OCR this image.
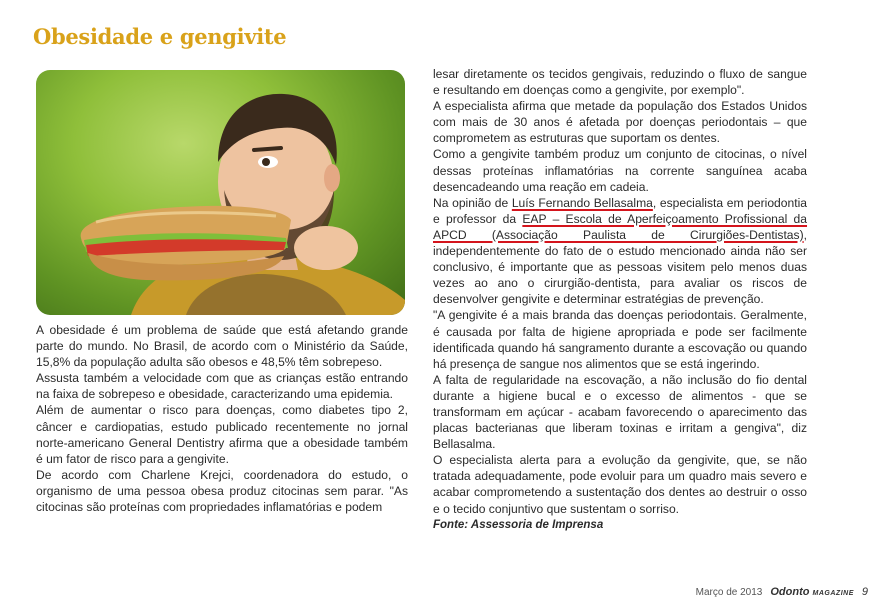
Obesidade e gengivite

A obesidade é um problema de saúde que está afetando grande parte do mundo. No Brasil, de acordo com o Ministério da Saúde, 15,8% da população adulta são obesos e 48,5% têm sobrepeso.

Assusta também a velocidade com que as crianças estão entrando na faixa de sobrepeso e obesidade, caracterizando uma epidemia.

Além de aumentar o risco para doenças, como diabetes tipo 2, câncer e cardiopatias, estudo publicado recentemente no jornal norte-americano General Dentistry afirma que a obesidade também é um fator de risco para a gengivite.

De acordo com Charlene Krejci, coordenadora do estudo, o organismo de uma pessoa obesa produz citocinas sem parar. "As citocinas são proteínas com propriedades inflamatórias e podem

lesar diretamente os tecidos gengivais, reduzindo o fluxo de sangue e resultando em doenças como a gengivite, por exemplo".

A especialista afirma que metade da população dos Estados Unidos com mais de 30 anos é afetada por doenças periodontais – que comprometem as estruturas que suportam os dentes.

Como a gengivite também produz um conjunto de citocinas, o nível dessas proteínas inflamatórias na corrente sanguínea acaba desencadeando uma reação em cadeia.

Na opinião de Luís Fernando Bellasalma, especialista em periodontia e professor da EAP – Escola de Aperfeiçoamento Profissional da APCD (Associação Paulista de Cirurgiões-Dentistas), independentemente do fato de o estudo mencionado ainda não ser conclusivo, é importante que as pessoas visitem pelo menos duas vezes ao ano o cirurgião-dentista, para avaliar os riscos de desenvolver gengivite e determinar estratégias de prevenção.

"A gengivite é a mais branda das doenças periodontais. Geralmente, é causada por falta de higiene apropriada e pode ser facilmente identificada quando há sangramento durante a escovação ou quando há presença de sangue nos alimentos que se está ingerindo.

A falta de regularidade na escovação, a não inclusão do fio dental durante a higiene bucal e o excesso de alimentos - que se transformam em açúcar - acabam favorecendo o aparecimento das placas bacterianas que liberam toxinas e irritam a gengiva", diz Bellasalma.

O especialista alerta para a evolução da gengivite, que, se não tratada adequadamente, pode evoluir para um quadro mais severo e acabar comprometendo a sustentação dos dentes ao destruir o osso e o tecido conjuntivo que sustentam o sorriso.

Fonte: Assessoria de Imprensa

Março de 2013 Odonto MAGAZINE 9
